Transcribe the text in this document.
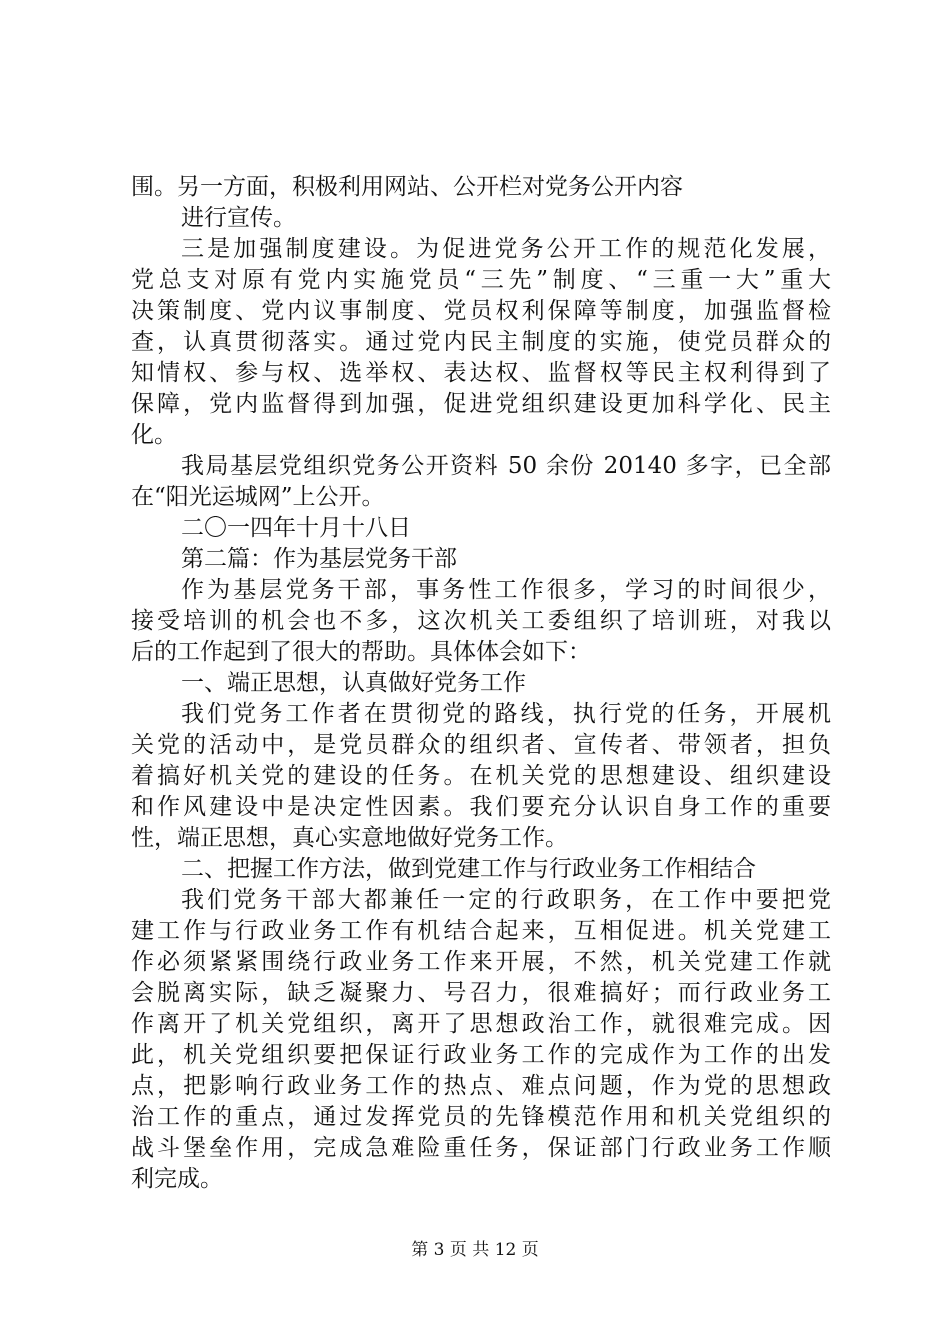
围。另一方面，积极利用网站、公开栏对党务公开内容
进行宣传。
三是加强制度建设。为促进党务公开工作的规范化发展，
党总支对原有党内实施党员“三先”制度、“三重一大”重大
决策制度、党内议事制度、党员权利保障等制度，加强监督检
查，认真贯彻落实。通过党内民主制度的实施，使党员群众的
知情权、参与权、选举权、表达权、监督权等民主权利得到了
保障，党内监督得到加强，促进党组织建设更加科学化、民主
化。
我局基层党组织党务公开资料 50 余份 20140 多字，已全部
在“阳光运城网”上公开。
二〇一四年十月十八日
第二篇：作为基层党务干部
作为基层党务干部，事务性工作很多，学习的时间很少，
接受培训的机会也不多，这次机关工委组织了培训班，对我以
后的工作起到了很大的帮助。具体体会如下：
一、端正思想，认真做好党务工作
我们党务工作者在贯彻党的路线，执行党的任务，开展机
关党的活动中，是党员群众的组织者、宣传者、带领者，担负
着搞好机关党的建设的任务。在机关党的思想建设、组织建设
和作风建设中是决定性因素。我们要充分认识自身工作的重要
性，端正思想，真心实意地做好党务工作。
二、把握工作方法，做到党建工作与行政业务工作相结合
我们党务干部大都兼任一定的行政职务，在工作中要把党
建工作与行政业务工作有机结合起来，互相促进。机关党建工
作必须紧紧围绕行政业务工作来开展，不然，机关党建工作就
会脱离实际，缺乏凝聚力、号召力，很难搞好；而行政业务工
作离开了机关党组织，离开了思想政治工作，就很难完成。因
此，机关党组织要把保证行政业务工作的完成作为工作的出发
点，把影响行政业务工作的热点、难点问题，作为党的思想政
治工作的重点，通过发挥党员的先锋模范作用和机关党组织的
战斗堡垒作用，完成急难险重任务，保证部门行政业务工作顺
利完成。
第 3 页 共 12 页
